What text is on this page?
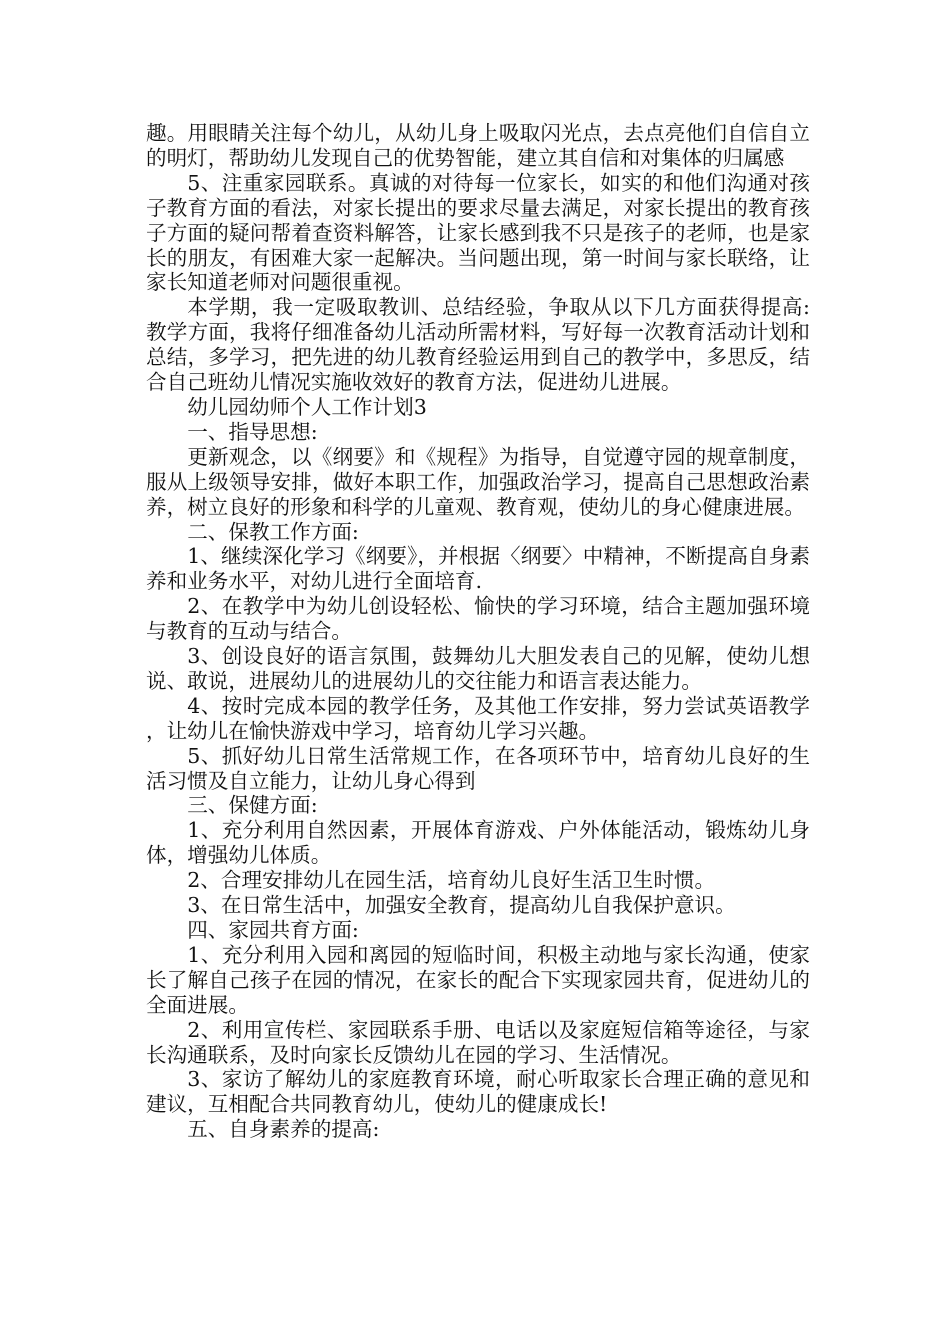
趣。用眼睛关注每个幼儿，从幼儿身上吸取闪光点，去点亮他们自信自立的明灯，帮助幼儿发现自己的优势智能，建立其自信和对集体的归属感

5、注重家园联系。真诚的对待每一位家长，如实的和他们沟通对孩子教育方面的看法，对家长提出的要求尽量去满足，对家长提出的教育孩子方面的疑问帮着查资料解答，让家长感到我不只是孩子的老师，也是家长的朋友，有困难大家一起解决。当问题出现，第一时间与家长联络，让家长知道老师对问题很重视。

本学期，我一定吸取教训、总结经验，争取从以下几方面获得提高:教学方面，我将仔细准备幼儿活动所需材料，写好每一次教育活动计划和总结，多学习，把先进的幼儿教育经验运用到自己的教学中，多思反，结合自己班幼儿情况实施收效好的教育方法，促进幼儿进展。

幼儿园幼师个人工作计划3

一、指导思想:

更新观念，以《纲要》和《规程》为指导，自觉遵守园的规章制度，服从上级领导安排，做好本职工作，加强政治学习，提高自己思想政治素养，树立良好的形象和科学的儿童观、教育观，使幼儿的身心健康进展。

二、保教工作方面:

1、继续深化学习《纲要》，并根据〈纲要〉中精神，不断提高自身素养和业务水平，对幼儿进行全面培育.

2、在教学中为幼儿创设轻松、愉快的学习环境，结合主题加强环境与教育的互动与结合。

3、创设良好的语言氛围，鼓舞幼儿大胆发表自己的见解，使幼儿想说、敢说，进展幼儿的进展幼儿的交往能力和语言表达能力。

4、按时完成本园的教学任务，及其他工作安排，努力尝试英语教学，让幼儿在愉快游戏中学习，培育幼儿学习兴趣。

5、抓好幼儿日常生活常规工作，在各项环节中，培育幼儿良好的生活习惯及自立能力，让幼儿身心得到

三、保健方面:

1、充分利用自然因素，开展体育游戏、户外体能活动，锻炼幼儿身体，增强幼儿体质。

2、合理安排幼儿在园生活，培育幼儿良好生活卫生时惯。

3、在日常生活中，加强安全教育，提高幼儿自我保护意识。

四、家园共育方面:

1、充分利用入园和离园的短临时间，积极主动地与家长沟通，使家长了解自己孩子在园的情况，在家长的配合下实现家园共育，促进幼儿的全面进展。

2、利用宣传栏、家园联系手册、电话以及家庭短信箱等途径，与家长沟通联系，及时向家长反馈幼儿在园的学习、生活情况。

3、家访了解幼儿的家庭教育环境，耐心听取家长合理正确的意见和建议，互相配合共同教育幼儿，使幼儿的健康成长!

五、自身素养的提高:
